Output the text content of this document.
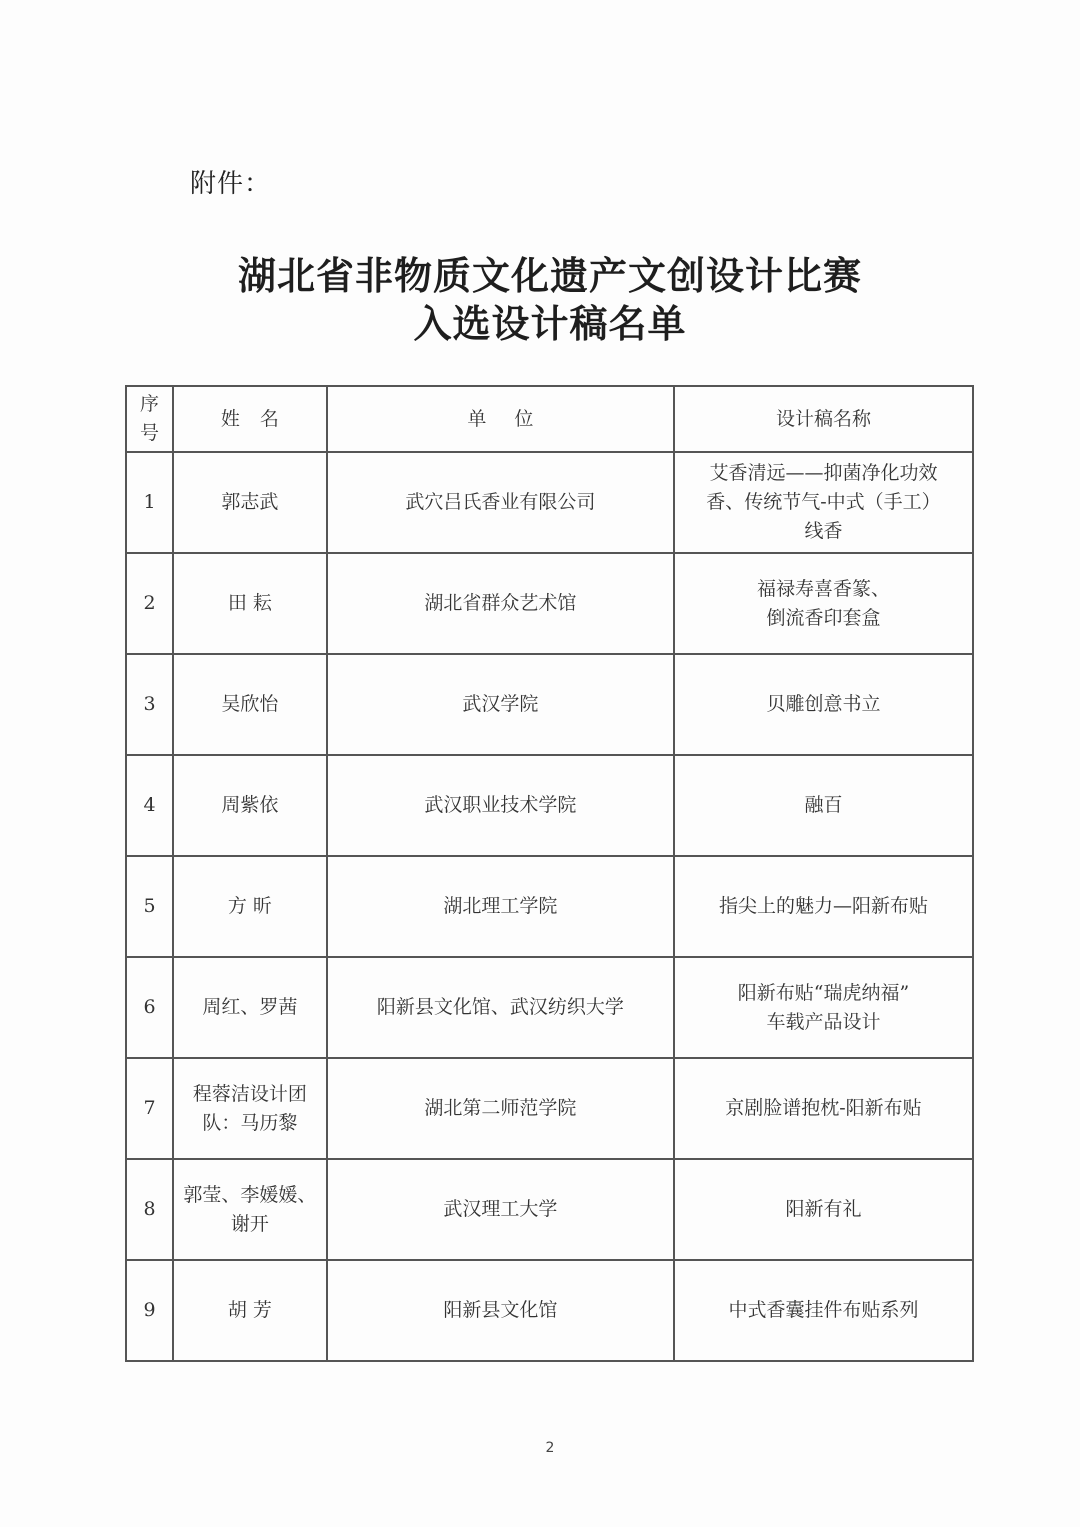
附件：
湖北省非物质文化遗产文创设计比赛
入选设计稿名单
序
号	姓 名	单 位	设计稿名称
1	郭志武	武穴吕氏香业有限公司	艾香清远——抑菌净化功效
香、传统节气-中式（手工）
线香

2	田 耘	湖北省群众艺术馆	福禄寿喜香篆、
倒流香印套盒

3	吴欣怡	武汉学院	贝雕创意书立

4	周紫依	武汉职业技术学院	融百

5	方 昕	湖北理工学院	指尖上的魅力—阳新布贴

6	周红、罗茜	阳新县文化馆、武汉纺织大学	阳新布贴“瑞虎纳福”
车载产品设计

7	程蓉洁设计团
队：马历黎	湖北第二师范学院	京剧脸谱抱枕-阳新布贴

8	郭莹、李媛媛、
谢开	武汉理工大学	阳新有礼

9	胡 芳	阳新县文化馆	中式香囊挂件布贴系列
2
